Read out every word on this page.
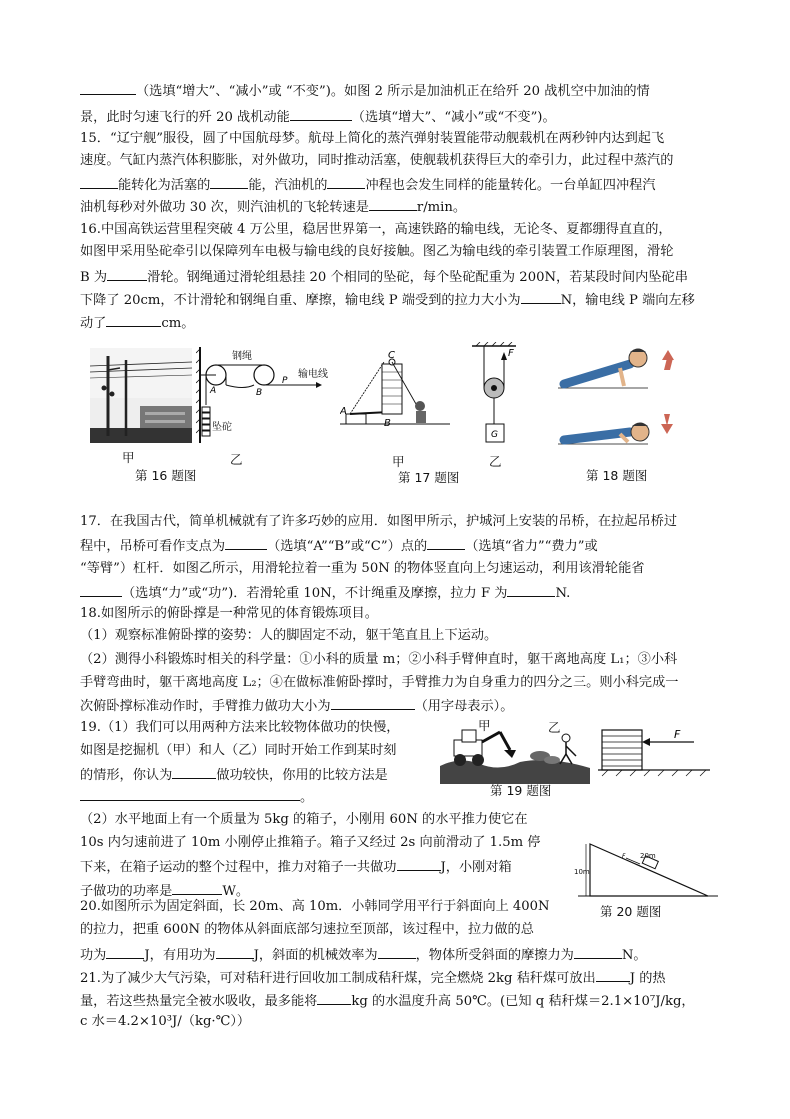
（选填“增大”、“减小”或 “不变”)。如图 2 所示是加油机正在给歼 20 战机空中加油的情
景，此时匀速飞行的歼 20 战机动能	（选填“增大”、“减小”或“不变”)。
15．“辽宁舰”服役，圆了中国航母梦。航母上简化的蒸汽弹射装置能带动舰载机在两秒钟内达到起飞
速度。气缸内蒸汽体积膨胀，对外做功，同时推动活塞，使舰载机获得巨大的牵引力，此过程中蒸汽的
能转化为活塞的	能，汽油机的	冲程也会发生同样的能量转化。一台单缸四冲程汽
油机每秒对外做功 30 次，则汽油机的飞轮转速是	r/min。
16.中国高铁运营里程突破 4 万公里，稳居世界第一，高速铁路的输电线，无论冬、夏都绷得直直的，
如图甲采用坠砣牵引以保障列车电极与输电线的良好接触。图乙为输电线的牵引装置工作原理图，滑轮
B 为	滑轮。钢绳通过滑轮组悬挂 20 个相同的坠砣，每个坠砣配重为 200N，若某段时间内坠砣串
下降了 20cm，不计滑轮和钢绳自重、摩擦，输电线 P 端受到的拉力大小为	N，输电线 P 端向左移
动了	cm。
甲
A	B
P
钢绳
输电线
坠砣
乙
第 16 题图
A
B
C
甲
F
G
乙
第 17 题图	第 18 题图
17．在我国古代，简单机械就有了许多巧妙的应用．如图甲所示，护城河上安装的吊桥，在拉起吊桥过
程中，吊桥可看作支点为	（选填“A”“B”或“C”）点的	（选填“省力”“费力”或
“等臂”）杠杆．如图乙所示，用滑轮拉着一重为 50N 的物体竖直向上匀速运动，利用该滑轮能省
（选填“力”或“功”)．若滑轮重 10N，不计绳重及摩擦，拉力 F 为	N.
18.如图所示的俯卧撑是一种常见的体育锻炼项目。
（1）观察标准俯卧撑的姿势：人的脚固定不动，躯干笔直且上下运动。
（2）测得小科锻炼时相关的科学量：①小科的质量 m；②小科手臂伸直时，躯干离地高度 L₁；③小科
手臂弯曲时，躯干离地高度 L₂；④在做标准俯卧撑时，手臂推力为自身重力的四分之三。则小科完成一
次俯卧撑标准动作时，手臂推力做功大小为	（用字母表示）。
19.（1）我们可以用两种方法来比较物体做功的快慢，
如图是挖掘机（甲）和人（乙）同时开始工作到某时刻
的情形，你认为	做功较快，你用的比较方法是
。
甲	乙
第 19 题图
F
（2）水平地面上有一个质量为 5kg 的箱子，小刚用 60N 的水平推力使它在
10s 内匀速前进了 10m 小刚停止推箱子。箱子又经过 2s 向前滑动了 1.5m 停
下来，在箱子运动的整个过程中，推力对箱子一共做功	J，小刚对箱
子做功的功率是	W。
F
10m
20m
第 20 题图
20.如图所示为固定斜面，长 20m、高 10m．小韩同学用平行于斜面向上 400N
的拉力，把重 600N 的物体从斜面底部匀速拉至顶部，该过程中，拉力做的总
功为	J，有用功为	J，斜面的机械效率为	，物体所受斜面的摩擦力为	N。
21.为了减少大气污染，可对秸秆进行回收加工制成秸秆煤，完全燃烧 2kg 秸秆煤可放出	J 的热
量，若这些热量完全被水吸收，最多能将	kg 的水温度升高 50℃。(已知 q 秸秆煤＝2.1×10⁷J/kg，
c 水＝4.2×10³J/（kg·℃））
